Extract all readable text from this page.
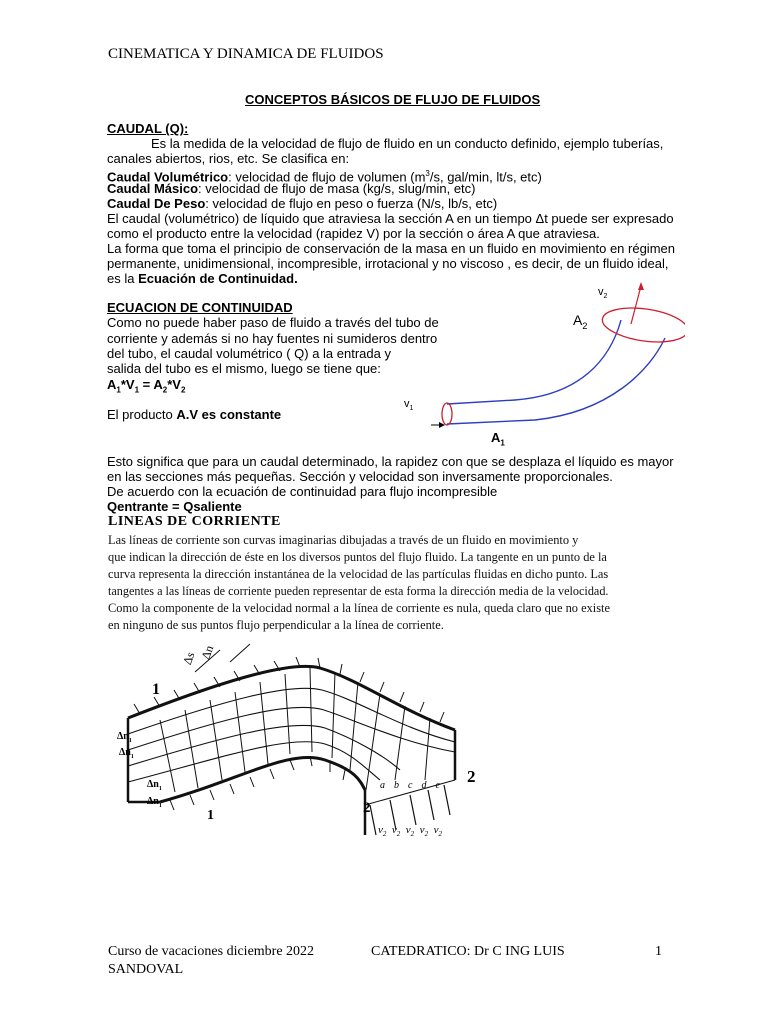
CINEMATICA Y DINAMICA DE FLUIDOS
CONCEPTOS BÁSICOS DE FLUJO DE FLUIDOS
CAUDAL (Q):
Es la medida de la velocidad de flujo de fluido en un conducto definido, ejemplo tuberías,
canales abiertos, rios, etc. Se clasifica en:
Caudal Volumétrico: velocidad de flujo de volumen ($m^3/s$, gal/min, lt/s, etc)
Caudal Másico: velocidad de flujo de masa (kg/s, slug/min, etc)
Caudal De Peso: velocidad de flujo en peso o fuerza (N/s, lb/s, etc)
El caudal (volumétrico) de líquido que atraviesa la sección A en un tiempo Δt puede ser expresado
como el producto entre la velocidad (rapidez V) por la sección o área A que atraviesa.
La forma que toma el principio de conservación de la masa en un fluido en movimiento en régimen
permanente, unidimensional, incompresible, irrotacional y no viscoso , es decir, de un fluido ideal,
es la Ecuación de Continuidad.
ECUACION DE CONTINUIDAD
Como no puede haber paso de fluido a través del tubo de
corriente y además si no hay fuentes ni sumideros dentro
del tubo, el caudal volumétrico ( Q) a la entrada y
salida del tubo es el mismo, luego se tiene que:
$A_1*V_1 = A_2*V_2$
El producto A.V es constante
$v_2$
$A_2$
$v_1$
$A_1$
Esto significa que para un caudal determinado, la rapidez con que se desplaza el líquido es mayor
en las secciones más pequeñas. Sección y velocidad son inversamente proporcionales.
De acuerdo con la ecuación de continuidad para flujo incompresible
Qentrante = Qsaliente
LINEAS DE CORRIENTE
Las líneas de corriente son curvas imaginarias dibujadas a través de un fluido en movimiento y
que indican la dirección de éste en los diversos puntos del flujo fluido. La tangente en un punto de la
curva representa la dirección instantánea de la velocidad de las partículas fluidas en dicho punto. Las
tangentes a las líneas de corriente pueden representar de esta forma la dirección media de la velocidad.
Como la componente de la velocidad normal a la línea de corriente es nula, queda claro que no existe
en ninguno de sus puntos flujo perpendicular a la línea de corriente.
1
1
2
2
$\Delta n_1$
$\Delta n_1$
$\Delta n_1$
$\Delta n_1$
Δs Δn
abcde
$v_2$ $v_2$ $v_2$ $v_2$ $v_2$
Curso de vacaciones diciembre 2022
SANDOVAL
CATEDRATICO: Dr C ING LUIS	1
